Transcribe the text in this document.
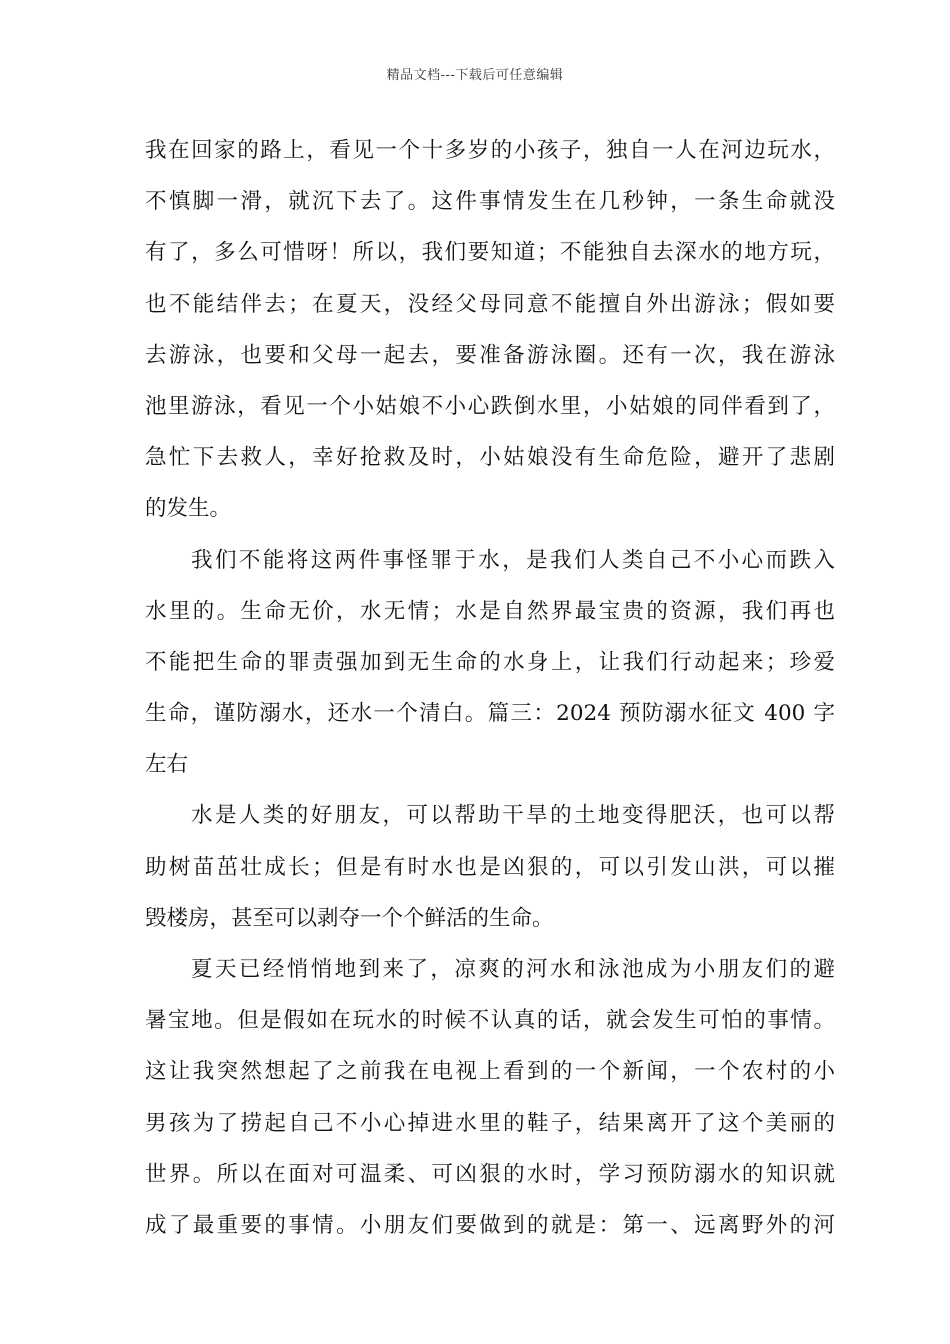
精品文档---下载后可任意编辑
我在回家的路上，看见一个十多岁的小孩子，独自一人在河边玩水，
不慎脚一滑，就沉下去了。这件事情发生在几秒钟，一条生命就没
有了，多么可惜呀！所以，我们要知道；不能独自去深水的地方玩，
也不能结伴去；在夏天，没经父母同意不能擅自外出游泳；假如要
去游泳，也要和父母一起去，要准备游泳圈。还有一次，我在游泳
池里游泳，看见一个小姑娘不小心跌倒水里，小姑娘的同伴看到了，
急忙下去救人，幸好抢救及时，小姑娘没有生命危险，避开了悲剧
的发生。
我们不能将这两件事怪罪于水，是我们人类自己不小心而跌入
水里的。生命无价，水无情；水是自然界最宝贵的资源，我们再也
不能把生命的罪责强加到无生命的水身上，让我们行动起来；珍爱
生命，谨防溺水，还水一个清白。篇三：2024 预防溺水征文 400 字
左右
水是人类的好朋友，可以帮助干旱的土地变得肥沃，也可以帮
助树苗茁壮成长；但是有时水也是凶狠的，可以引发山洪，可以摧
毁楼房，甚至可以剥夺一个个鲜活的生命。
夏天已经悄悄地到来了，凉爽的河水和泳池成为小朋友们的避
暑宝地。但是假如在玩水的时候不认真的话，就会发生可怕的事情。
这让我突然想起了之前我在电视上看到的一个新闻，一个农村的小
男孩为了捞起自己不小心掉进水里的鞋子，结果离开了这个美丽的
世界。所以在面对可温柔、可凶狠的水时，学习预防溺水的知识就
成了最重要的事情。小朋友们要做到的就是：第一、远离野外的河
